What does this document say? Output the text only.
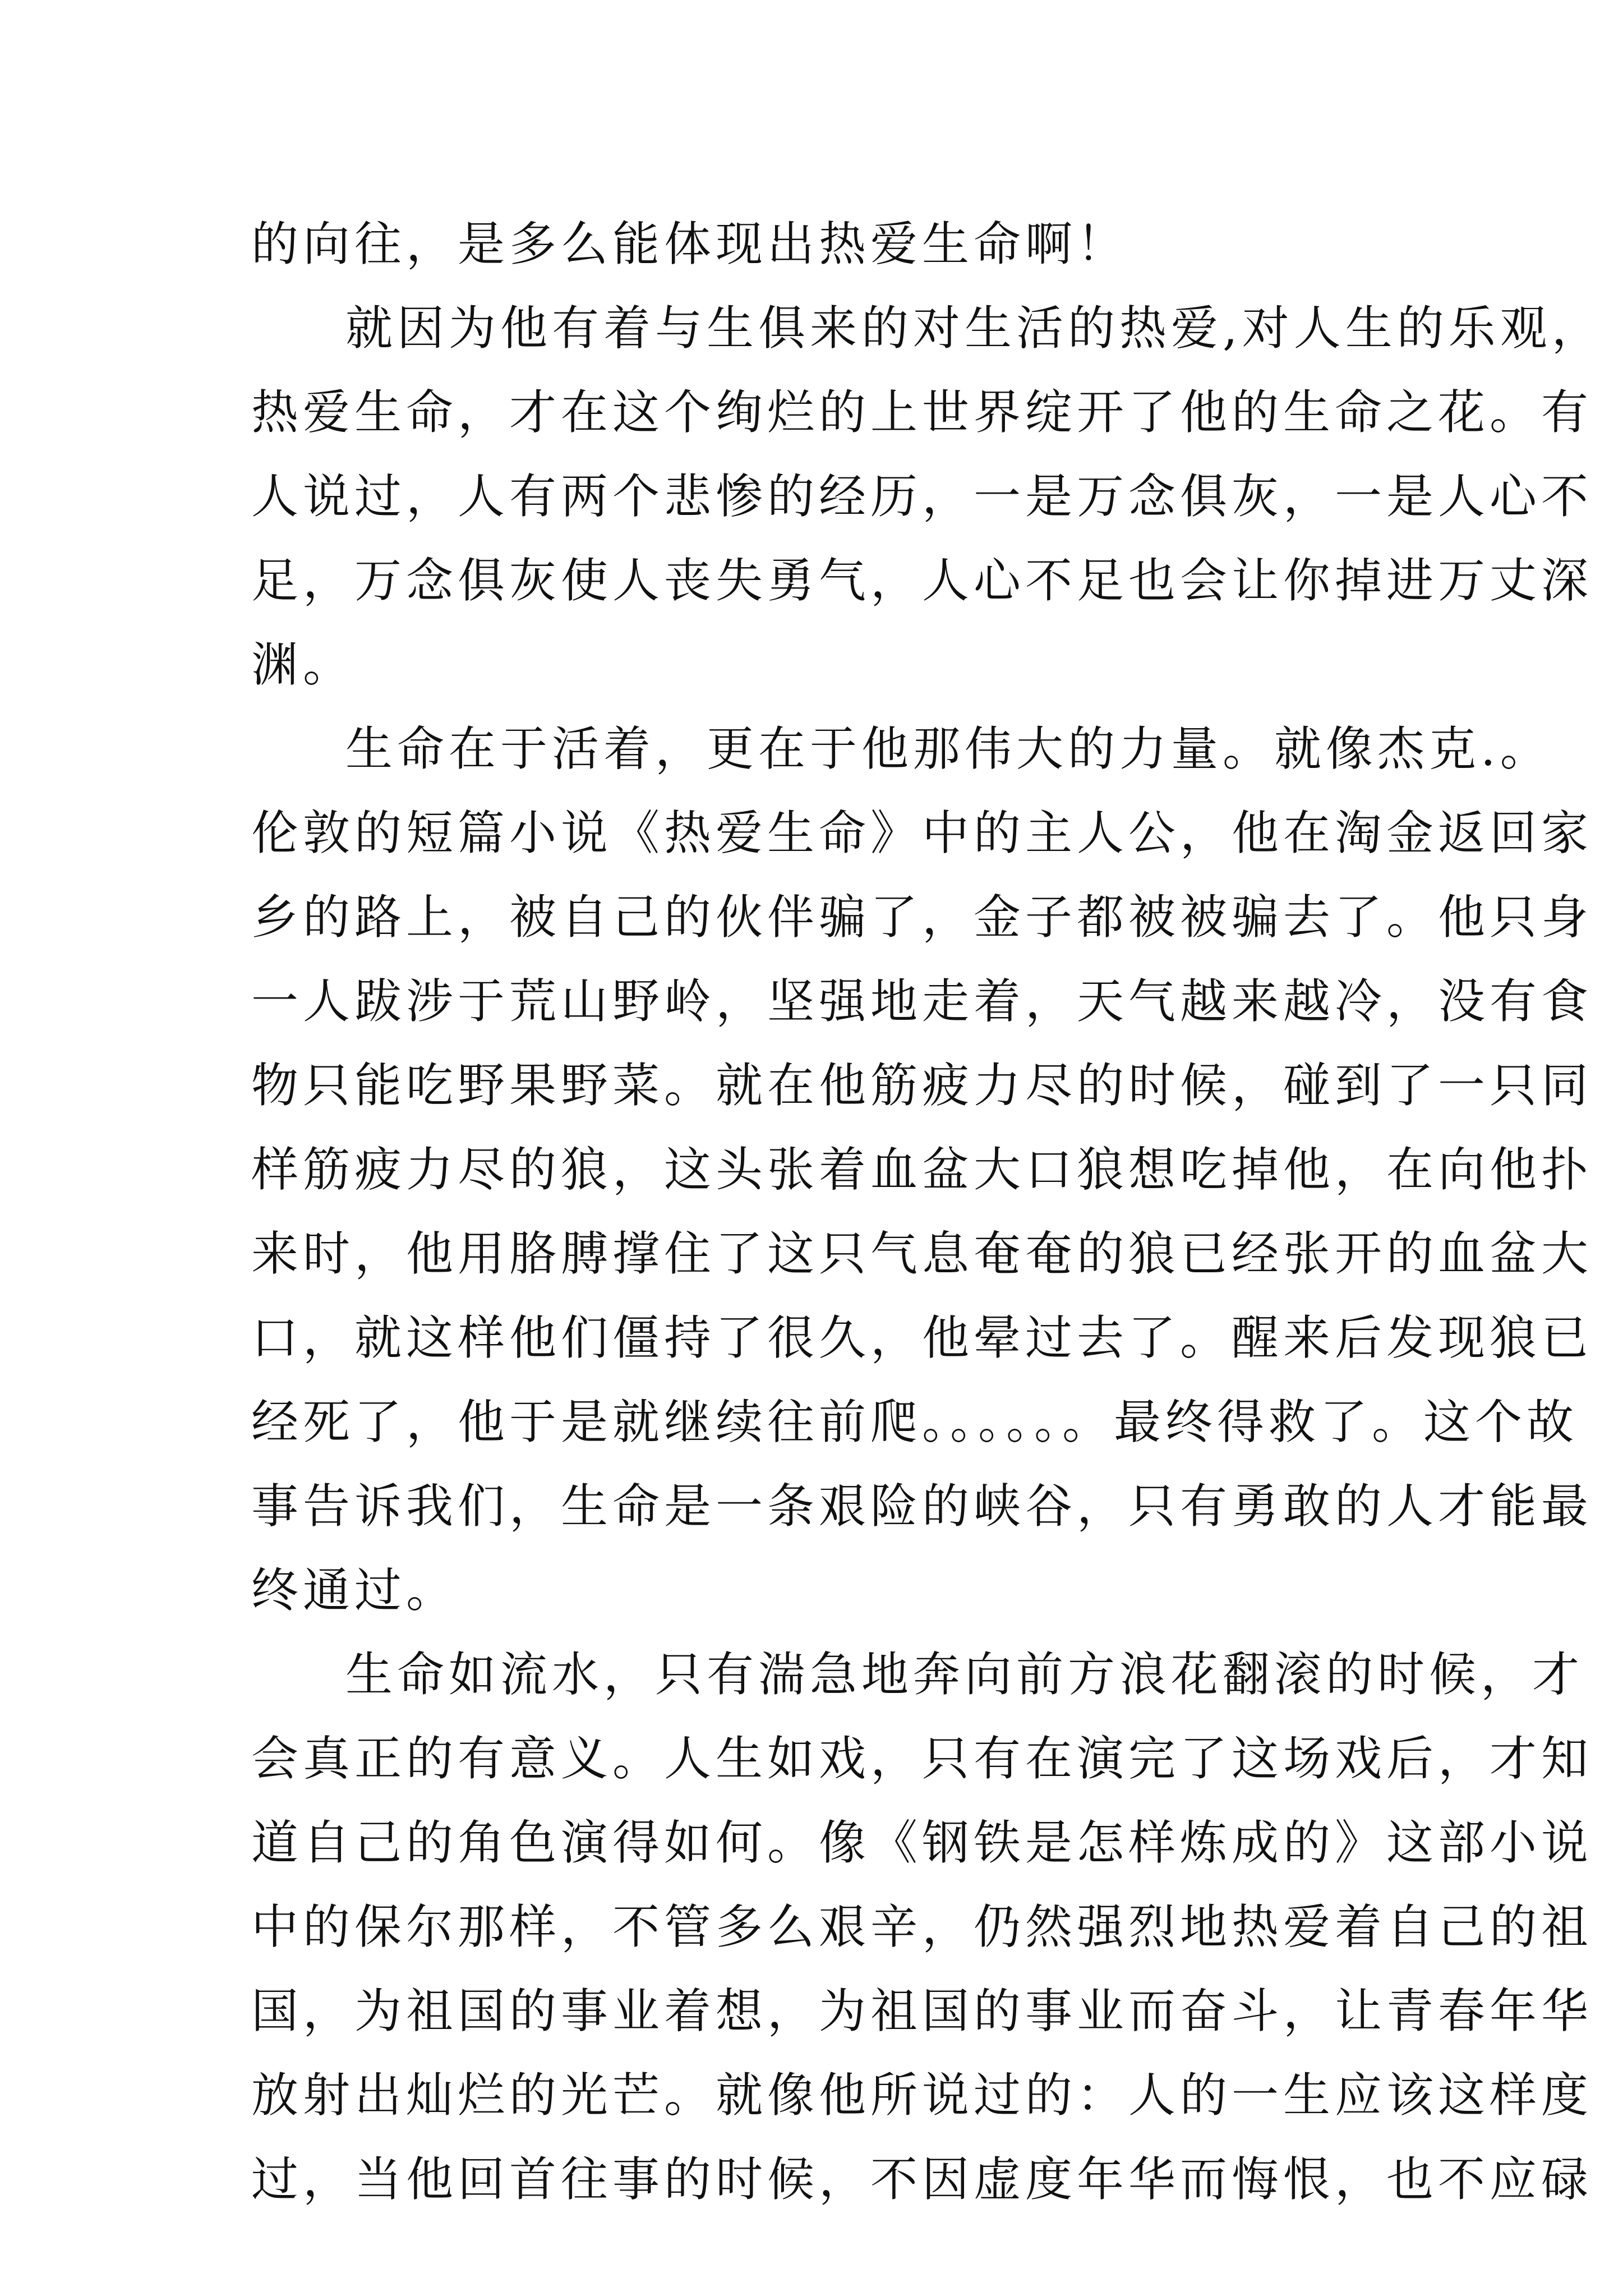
的向往，是多么能体现出热爱生命啊！
就因为他有着与生俱来的对生活的热爱,对人生的乐观，
热爱生命，才在这个绚烂的上世界绽开了他的生命之花。有
人说过，人有两个悲惨的经历，一是万念俱灰，一是人心不
足，万念俱灰使人丧失勇气，人心不足也会让你掉进万丈深
渊。
生命在于活着，更在于他那伟大的力量。就像杰克.。
伦敦的短篇小说《热爱生命》中的主人公，他在淘金返回家
乡的路上，被自己的伙伴骗了，金子都被被骗去了。他只身
一人跋涉于荒山野岭，坚强地走着，天气越来越冷，没有食
物只能吃野果野菜。就在他筋疲力尽的时候，碰到了一只同
样筋疲力尽的狼，这头张着血盆大口狼想吃掉他，在向他扑
来时，他用胳膊撑住了这只气息奄奄的狼已经张开的血盆大
口，就这样他们僵持了很久，他晕过去了。醒来后发现狼已
经死了，他于是就继续往前爬。。。。。。最终得救了。这个故
事告诉我们，生命是一条艰险的峡谷，只有勇敢的人才能最
终通过。
生命如流水，只有湍急地奔向前方浪花翻滚的时候，才
会真正的有意义。人生如戏，只有在演完了这场戏后，才知
道自己的角色演得如何。像《钢铁是怎样炼成的》这部小说
中的保尔那样，不管多么艰辛，仍然强烈地热爱着自己的祖
国，为祖国的事业着想，为祖国的事业而奋斗，让青春年华
放射出灿烂的光芒。就像他所说过的：人的一生应该这样度
过，当他回首往事的时候，不因虚度年华而悔恨，也不应碌
